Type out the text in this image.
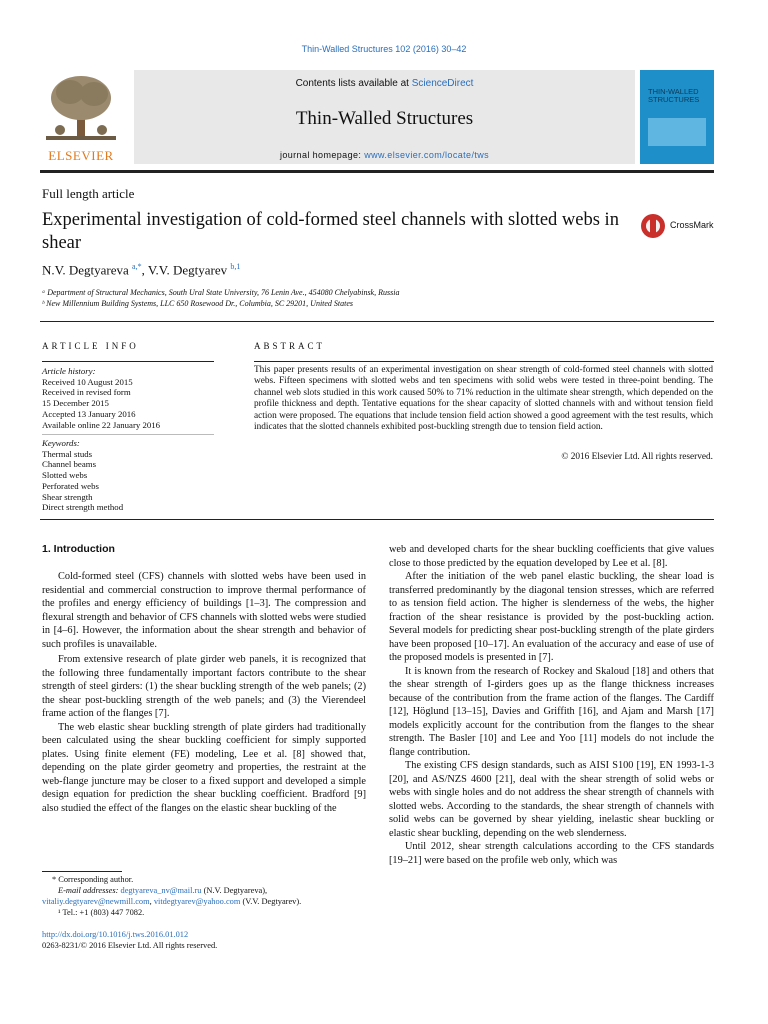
Thin-Walled Structures 102 (2016) 30–42
ELSEVIER
Contents lists available at ScienceDirect
Thin-Walled Structures
journal homepage: www.elsevier.com/locate/tws
THIN-WALLED STRUCTURES
Full length article
Experimental investigation of cold-formed steel channels with slotted webs in shear
CrossMark
N.V. Degtyareva $^{a,*}$, V.V. Degtyarev $^{b,1}$
ᵃ Department of Structural Mechanics, South Ural State University, 76 Lenin Ave., 454080 Chelyabinsk, Russia
ᵇ New Millennium Building Systems, LLC 650 Rosewood Dr., Columbia, SC 29201, United States
ARTICLE INFO
Article history:
Received 10 August 2015
Received in revised form
15 December 2015
Accepted 13 January 2016
Available online 22 January 2016
Keywords:
Thermal studs
Channel beams
Slotted webs
Perforated webs
Shear strength
Direct strength method
ABSTRACT
This paper presents results of an experimental investigation on shear strength of cold-formed steel channels with slotted webs. Fifteen specimens with slotted webs and ten specimens with solid webs were tested in three-point bending. The channel web slots studied in this work caused 50% to 71% reduction in the ultimate shear strength, which depended on the profile thickness and depth. Tentative equations for the shear capacity of slotted channels with and without tension field action were proposed. The equations that include tension field action showed a good agreement with the test results, which indicates that the slotted channels exhibited post-buckling strength due to tension field action.
© 2016 Elsevier Ltd. All rights reserved.
1. Introduction

Cold-formed steel (CFS) channels with slotted webs have been used in residential and commercial construction to improve thermal performance of the profiles and energy efficiency of buildings [1–3]. The compression and flexural strength and behavior of CFS channels with slotted webs were studied in [4–6]. However, the information about the shear strength and behavior of such profiles is unavailable.

From extensive research of plate girder web panels, it is recognized that the following three fundamentally important factors contribute to the shear strength of steel girders: (1) the shear buckling strength of the web panels; (2) the shear post-buckling strength of the web panels; and (3) the Vierendeel frame action of the flanges [7].

The web elastic shear buckling strength of plate girders had traditionally been calculated using the shear buckling coefficient for simply supported plates. Using finite element (FE) modeling, Lee et al. [8] showed that, depending on the plate girder geometry and properties, the restraint at the web-flange juncture may be closer to a fixed support and developed a simple design equation for prediction the shear buckling coefficient. Bradford [9] also studied the effect of the flanges on the elastic shear buckling of the

web and developed charts for the shear buckling coefficients that give values close to those predicted by the equation developed by Lee et al. [8].

After the initiation of the web panel elastic buckling, the shear load is transferred predominantly by the diagonal tension stresses, which are referred to as tension field action. The higher is slenderness of the webs, the higher fraction of the shear resistance is provided by the post-buckling action. Several models for predicting shear post-buckling strength of the plate girders have been proposed [10–17]. An evaluation of the accuracy and ease of use of the proposed models is presented in [7].

It is known from the research of Rockey and Skaloud [18] and others that the shear strength of I-girders goes up as the flange thickness increases because of the contribution from the frame action of the flanges. The Cardiff [12], Höglund [13–15], Davies and Griffith [16], and Ajam and Marsh [17] models explicitly account for the contribution from the flanges to the shear strength. The Basler [10] and Lee and Yoo [11] models do not include the flange contribution.

The existing CFS design standards, such as AISI S100 [19], EN 1993-1-3 [20], and AS/NZS 4600 [21], deal with the shear strength of solid webs or webs with single holes and do not address the shear strength of channels with slotted webs. According to the standards, the shear strength of channels with solid webs can be governed by shear yielding, inelastic shear buckling or elastic shear buckling, depending on the web slenderness.

Until 2012, shear strength calculations according to the CFS standards [19–21] were based on the profile web only, which was

* Corresponding author.
E-mail addresses: degtyareva_nv@mail.ru (N.V. Degtyareva),
vitaliy.degtyarev@newmill.com, vitdegtyarev@yahoo.com (V.V. Degtyarev).
¹ Tel.: +1 (803) 447 7082.
http://dx.doi.org/10.1016/j.tws.2016.01.012
0263-8231/© 2016 Elsevier Ltd. All rights reserved.
